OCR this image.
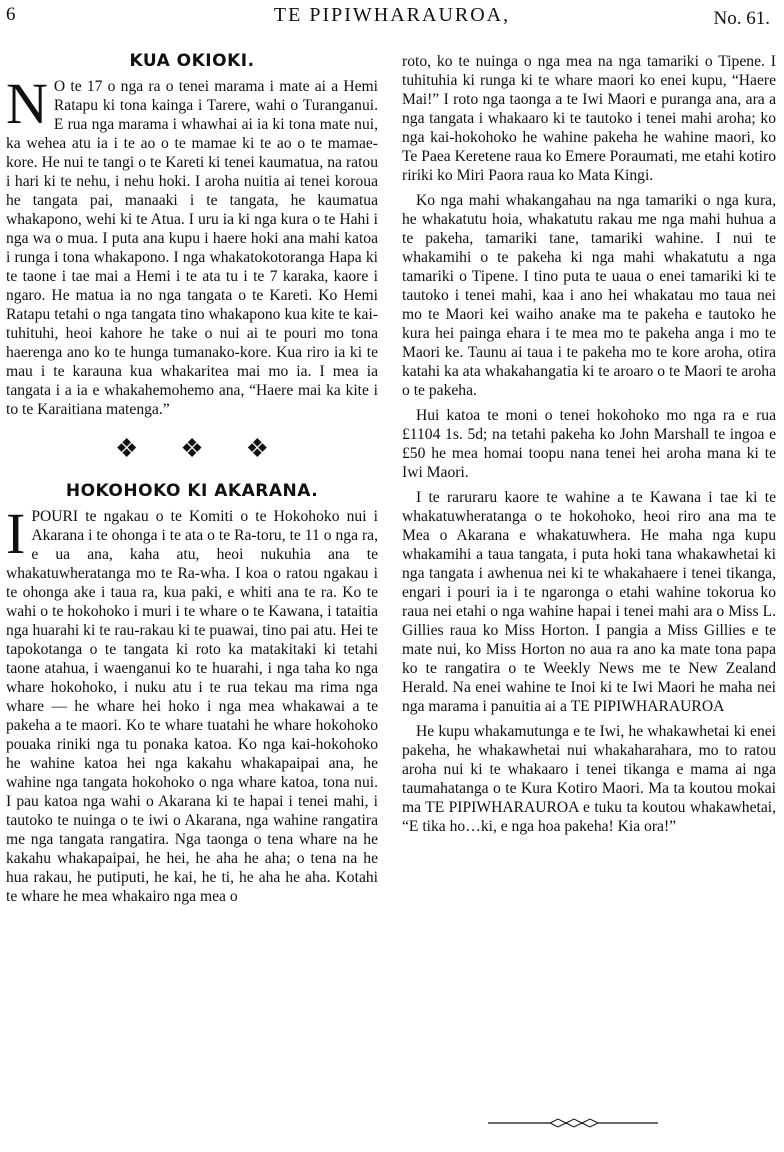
6	TE PIPIWHARAUROA,	No. 61.
KUA OKIOKI.

N O te 17 o nga ra o tenei marama i mate ai a Hemi Ratapu ki tona kainga i Tarere, wahi o Turanganui. E rua nga marama i whawhai ai ia ki tona mate nui, ka wehea atu ia i te ao o te mamae ki te ao o te mamae-kore. He nui te tangi o te Kareti ki tenei kaumatua, na ratou i hari ki te nehu, i nehu hoki. I aroha nuitia ai tenei koroua he tangata pai, manaaki i te tangata, he kaumatua whakapono, wehi ki te Atua. I uru ia ki nga kura o te Hahi i nga wa o mua. I puta ana kupu i haere hoki ana mahi katoa i runga i tona whakapono. I nga whakatokotoranga Hapa ki te taone i tae mai a Hemi i te ata tu i te 7 karaka, kaore i ngaro. He matua ia no nga tangata o te Kareti. Ko Hemi Ratapu tetahi o nga tangata tino whakapono kua kite te kai-tuhituhi, heoi kahore he take o nui ai te pouri mo tona haerenga ano ko te hunga tumanako-kore. Kua riro ia ki te mau i te karauna kua whakaritea mai mo ia. I mea ia tangata i a ia e whakahemohemo ana, “Haere mai ka kite i to te Karaitiana matenga.”

❖❖❖
HOKOHOKO KI AKARANA.

IPOURI te ngakau o te Komiti o te Hokohoko nui i Akarana i te ohonga i te ata o te Ra-toru, te 11 o nga ra, e ua ana, kaha atu, heoi nukuhia ana te whakatuwheratanga mo te Ra-wha. I koa o ratou ngakau i te ohonga ake i taua ra, kua paki, e whiti ana te ra. Ko te wahi o te hokohoko i muri i te whare o te Kawana, i tataitia nga huarahi ki te rau-rakau ki te puawai, tino pai atu. Hei te tapokotanga o te tangata ki roto ka matakitaki ki tetahi taone atahua, i waenganui ko te huarahi, i nga taha ko nga whare hokohoko, i nuku atu i te rua tekau ma rima nga whare — he whare hei hoko i nga mea whakawai a te pakeha a te maori. Ko te whare tuatahi he whare hokohoko pouaka riniki nga tu ponaka katoa. Ko nga kai-hokohoko he wahine katoa hei nga kakahu whakapaipai ana, he wahine nga tangata hokohoko o nga whare katoa, tona nui. I pau katoa nga wahi o Akarana ki te hapai i tenei mahi, i tautoko te nuinga o te iwi o Akarana, nga wahine rangatira me nga tangata rangatira. Nga taonga o tena whare na he kakahu whakapaipai, he hei, he aha he aha; o tena na he hua rakau, he putiputi, he kai, he ti, he aha he aha. Kotahi te whare he mea whakairo nga mea o

roto, ko te nuinga o nga mea na nga tamariki o Tipene. I tuhituhia ki runga ki te whare maori ko enei kupu, “Haere Mai!” I roto nga taonga a te Iwi Maori e puranga ana, ara a nga tangata i whakaaro ki te tautoko i tenei mahi aroha; ko nga kai-hokohoko he wahine pakeha he wahine maori, ko Te Paea Keretene raua ko Emere Poraumati, me etahi kotiro ririki ko Miri Paora raua ko Mata Kingi.

Ko nga mahi whakangahau na nga tamariki o nga kura, he whakatutu hoia, whakatutu rakau me nga mahi huhua a te pakeha, tamariki tane, tamariki wahine. I nui te whakamihi o te pakeha ki nga mahi whakatutu a nga tamariki o Tipene. I tino puta te uaua o enei tamariki ki te tautoko i tenei mahi, kaa i ano hei whakatau mo taua nei mo te Maori kei waiho anake ma te pakeha e tautoko he kura hei painga ehara i te mea mo te pakeha anga i mo te Maori ke. Taunu ai taua i te pakeha mo te kore aroha, otira katahi ka ata whakahangatia ki te aroaro o te Maori te aroha o te pakeha.

Hui katoa te moni o tenei hokohoko mo nga ra e rua £1104 1s. 5d; na tetahi pakeha ko John Marshall te ingoa e £50 he mea homai toopu nana tenei hei aroha mana ki te Iwi Maori.

I te raruraru kaore te wahine a te Kawana i tae ki te whakatuwheratanga o te hokohoko, heoi riro ana ma te Mea o Akarana e whakatuwhera. He maha nga kupu whakamihi a taua tangata, i puta hoki tana whakawhetai ki nga tangata i awhenua nei ki te whakahaere i tenei tikanga, engari i pouri ia i te ngaronga o etahi wahine tokorua ko raua nei etahi o nga wahine hapai i tenei mahi ara o Miss L. Gillies raua ko Miss Horton. I pangia a Miss Gillies e te mate nui, ko Miss Horton no aua ra ano ka mate tona papa ko te rangatira o te Weekly News me te New Zealand Herald. Na enei wahine te Inoi ki te Iwi Maori he maha nei nga marama i panuitia ai a TE PIPIWHARAUROA

He kupu whakamutunga e te Iwi, he whakawhetai ki enei pakeha, he whakawhetai nui whakaharahara, mo to ratou aroha nui ki te whakaaro i tenei tikanga e mama ai nga taumahatanga o te Kura Kotiro Maori. Ma ta koutou mokai ma TE PIPIWHARAUROA e tuku ta koutou whakawhetai, “E tika ho…ki, e nga hoa pakeha! Kia ora!”
